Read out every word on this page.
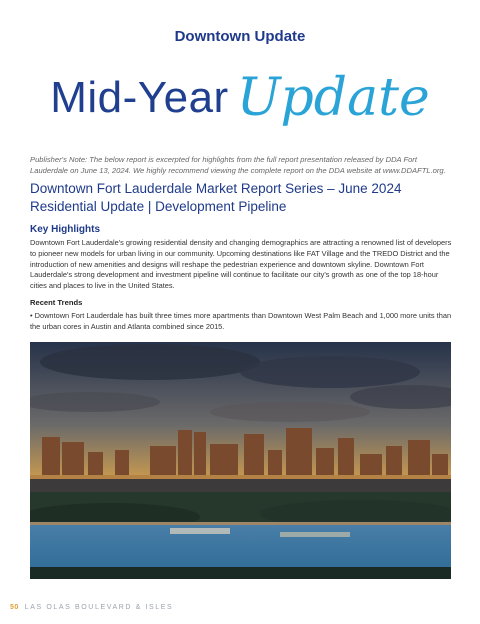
Downtown Update
Mid-Year Update
Publisher's Note: The below report is excerpted for highlights from the full report presentation released by DDA Fort Lauderdale on June 13, 2024. We highly recommend viewing the complete report on the DDA website at www.DDAFTL.org.
Downtown Fort Lauderdale Market Report Series – June 2024
Residential Update | Development Pipeline
Key Highlights
Downtown Fort Lauderdale's growing residential density and changing demographics are attracting a renowned list of developers to pioneer new models for urban living in our community. Upcoming destinations like FAT Village and the TREDO District and the introduction of new amenities and designs will reshape the pedestrian experience and downtown skyline. Downtown Fort Lauderdale's strong development and investment pipeline will continue to facilitate our city's growth as one of the top 18-hour cities and places to live in the United States.
Recent Trends
• Downtown Fort Lauderdale has built three times more apartments than Downtown West Palm Beach and 1,000 more units than the urban cores in Austin and Atlanta combined since 2015.
50 LAS OLAS BOULEVARD & ISLES
